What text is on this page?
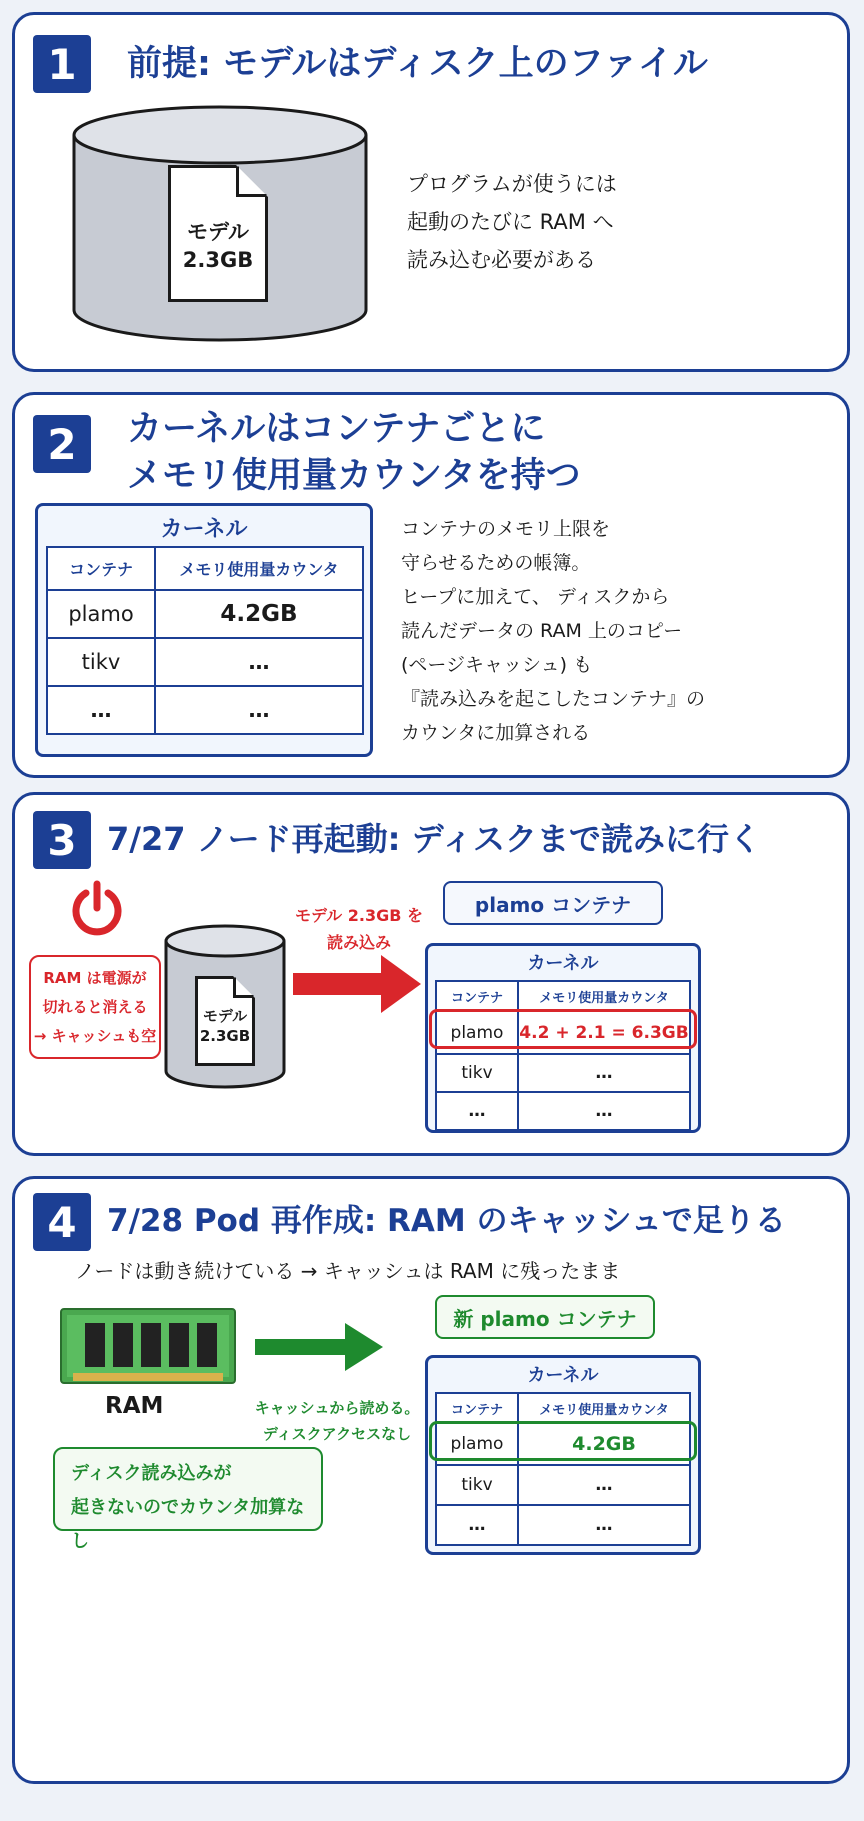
1	前提: モデルはディスク上のファイル
モデル
2.3GB
プログラムが使うには
起動のたびに RAM へ
読み込む必要がある
2	カーネルはコンテナごとに
メモリ使用量カウンタを持つ
カーネル
コンテナ	メモリ使用量カウンタ
plamo	4.2GB
tikv	…
…	…
コンテナのメモリ上限を
守らせるための帳簿。
ヒープに加えて、 ディスクから
読んだデータの RAM 上のコピー
(ページキャッシュ) も
『読み込みを起こしたコンテナ』の
カウンタに加算される
3 7/27 ノード再起動: ディスクまで読みに行く
RAM は電源が
切れると消える
→ キャッシュも空
モデル
2.3GB
モデル 2.3GB を
読み込み
plamo コンテナ
カーネル
コンテナ	メモリ使用量カウンタ
plamo	4.2 + 2.1 = 6.3GB
tikv	…
…	…
4 7/28 Pod 再作成: RAM のキャッシュで足りる
ノードは動き続けている → キャッシュは RAM に残ったまま
RAM	キャッシュから読める。
ディスクアクセスなし
ディスク読み込みが
起きないのでカウンタ加算なし
新 plamo コンテナ
カーネル
コンテナ	メモリ使用量カウンタ
plamo	4.2GB
tikv	…
…	…
